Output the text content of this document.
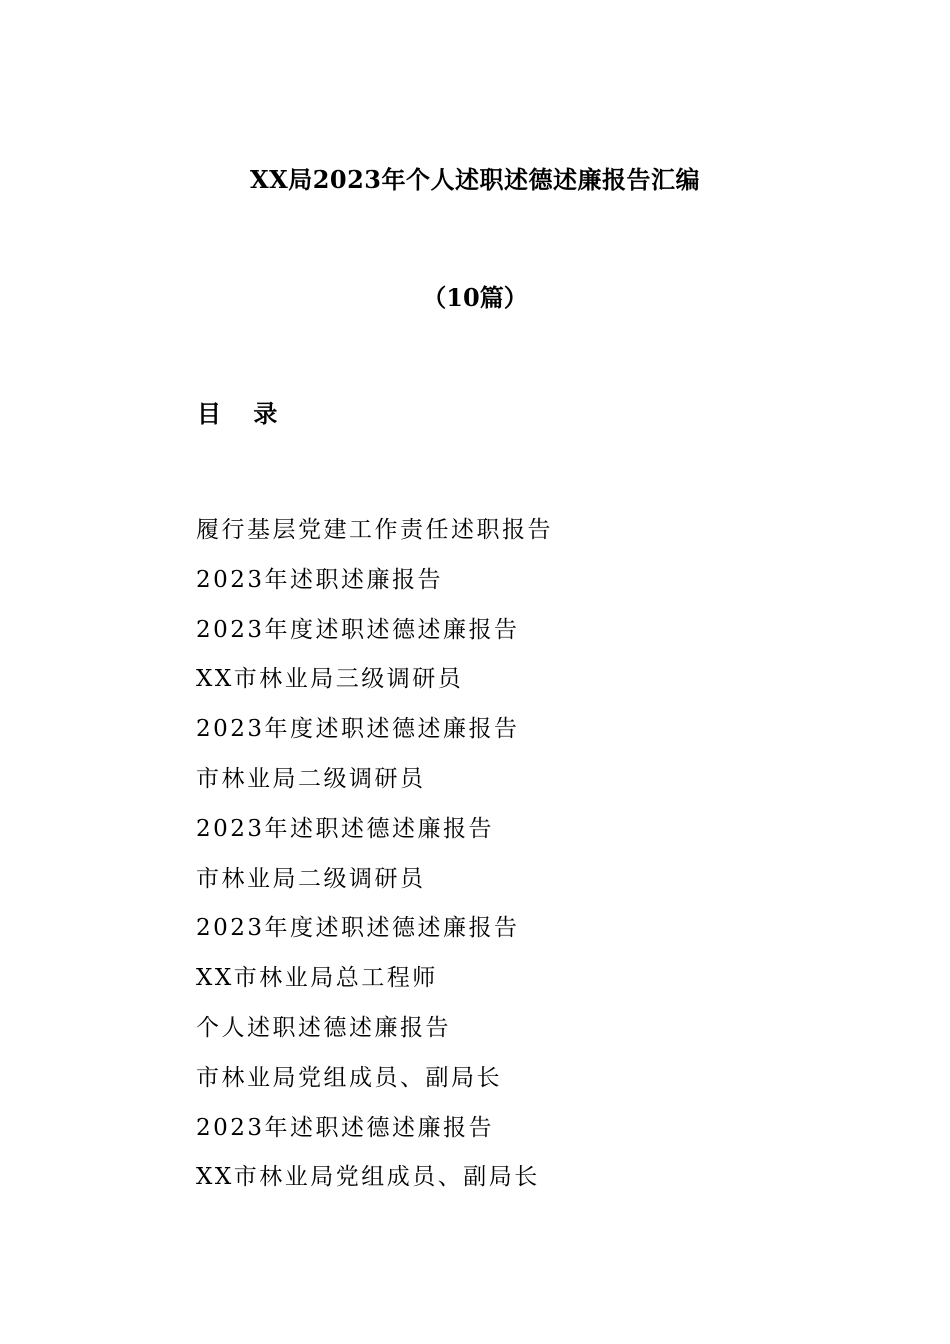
XX局2023年个人述职述德述廉报告汇编
（10篇）
目 录
履行基层党建工作责任述职报告
2023年述职述廉报告
2023年度述职述德述廉报告
XX市林业局三级调研员
2023年度述职述德述廉报告
市林业局二级调研员
2023年述职述德述廉报告
市林业局二级调研员
2023年度述职述德述廉报告
XX市林业局总工程师
个人述职述德述廉报告
市林业局党组成员、副局长
2023年述职述德述廉报告
XX市林业局党组成员、副局长
